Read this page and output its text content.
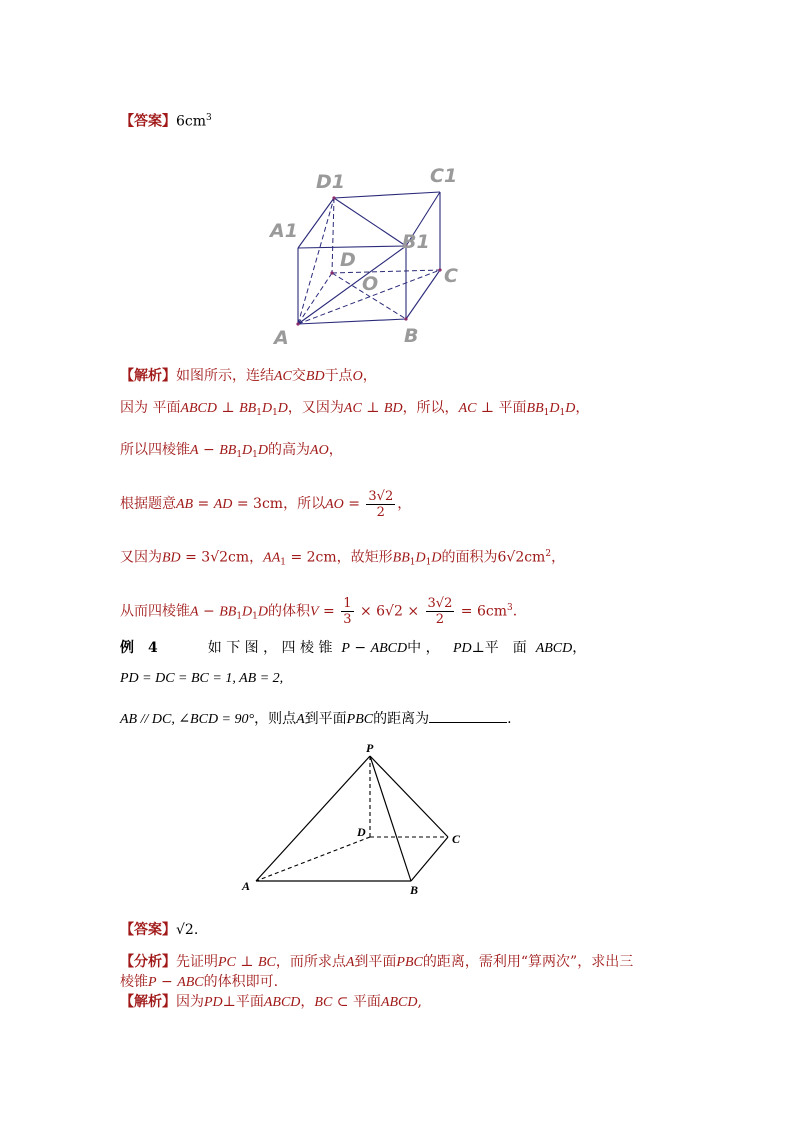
【答案】$6cm^3$
D1	C1
A1	B1
D
C
O
A	B
【解析】如图所示，连结AC交BD于点O，
因为 平面ABCD ⊥ $BB_1D_1D$，又因为AC ⊥ BD，所以，AC ⊥ 平面$BB_1D_1D$，
所以四棱锥$A - BB_1D_1D$的高为AO，
根据题意AB = AD = 3cm，所以AO = $\frac{3√2}{2}$ ，
又因为BD = 3√2cm，$AA_1 = 2cm$，故矩形$BB_1D_1D$的面积为$6√2cm^2$，
从而四棱锥$A - BB_1D_1D$的体积$V = \frac{1}{3} \times 6√2 \times \frac{3√2}{2} = 6cm^3$.
例　4	如 下 图 ， 四 棱 锥 P − ABCD中 ， PD⊥平　面 ABCD，
PD = DC = BC = 1, AB = 2,
AB // DC, ∠BCD = 90°，则点A到平面PBC的距离为	.
P
D	C
A	B
【答案】√2.
【分析】先证明PC ⊥ BC，而所求点A到平面PBC的距离，需利用“算两次”，求出三
棱锥P − ABC的体积即可.
【解析】因为PD⊥平面ABCD，BC ⊂ 平面ABCD,
